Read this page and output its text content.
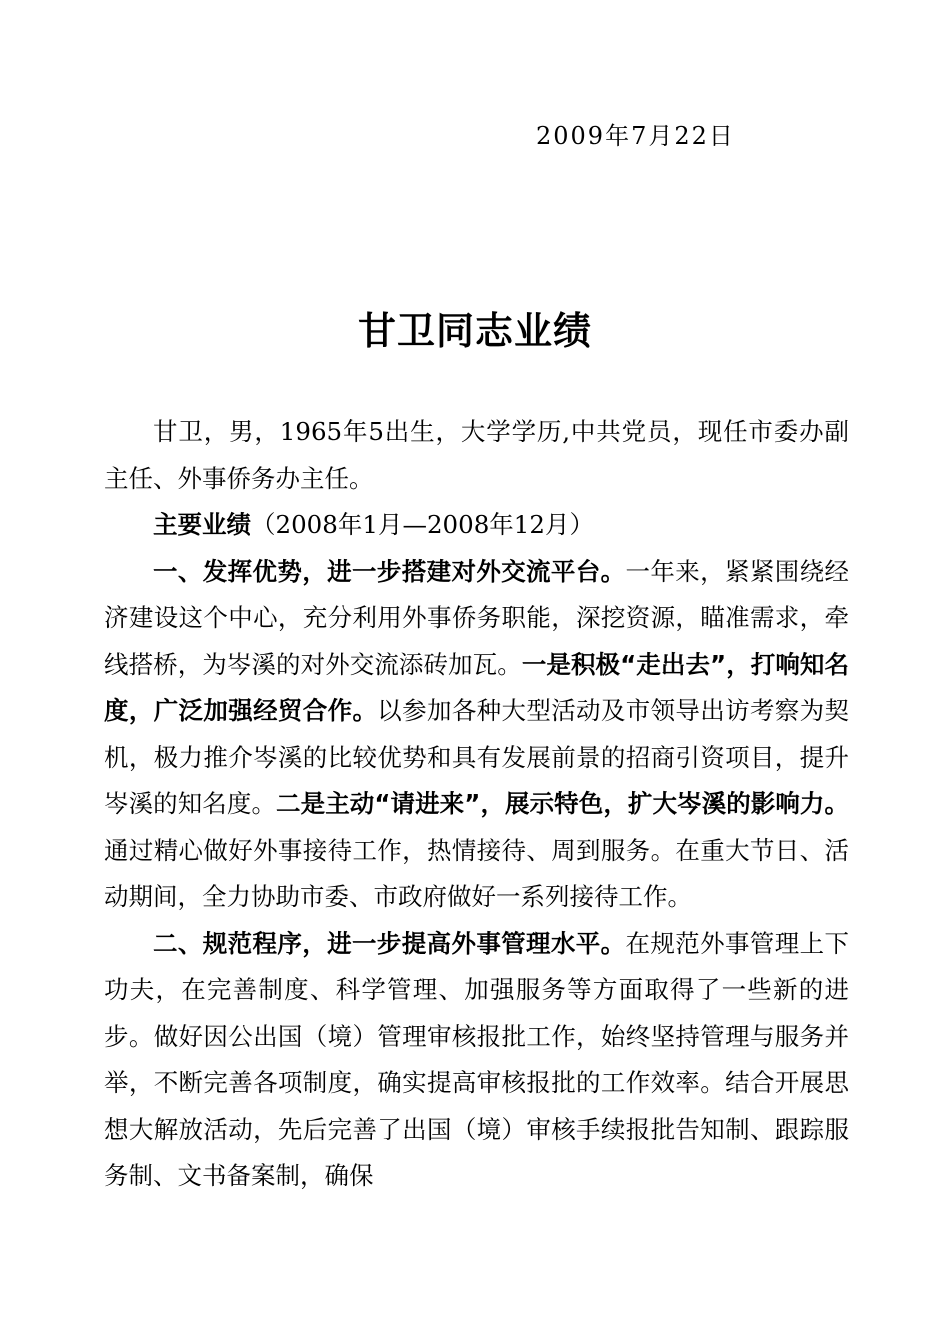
2009年7月22日
甘卫同志业绩

甘卫，男，1965年5出生，大学学历,中共党员，现任市委办副主任、外事侨务办主任。

主要业绩（2008年1月—2008年12月）

一、发挥优势，进一步搭建对外交流平台。一年来，紧紧围绕经济建设这个中心，充分利用外事侨务职能，深挖资源，瞄准需求，牵线搭桥，为岑溪的对外交流添砖加瓦。一是积极“走出去”，打响知名度，广泛加强经贸合作。以参加各种大型活动及市领导出访考察为契机，极力推介岑溪的比较优势和具有发展前景的招商引资项目，提升岑溪的知名度。二是主动“请进来”，展示特色，扩大岑溪的影响力。通过精心做好外事接待工作，热情接待、周到服务。在重大节日、活动期间，全力协助市委、市政府做好一系列接待工作。

二、规范程序，进一步提高外事管理水平。在规范外事管理上下功夫，在完善制度、科学管理、加强服务等方面取得了一些新的进步。做好因公出国（境）管理审核报批工作，始终坚持管理与服务并举，不断完善各项制度，确实提高审核报批的工作效率。结合开展思想大解放活动，先后完善了出国（境）审核手续报批告知制、跟踪服务制、文书备案制，确保
